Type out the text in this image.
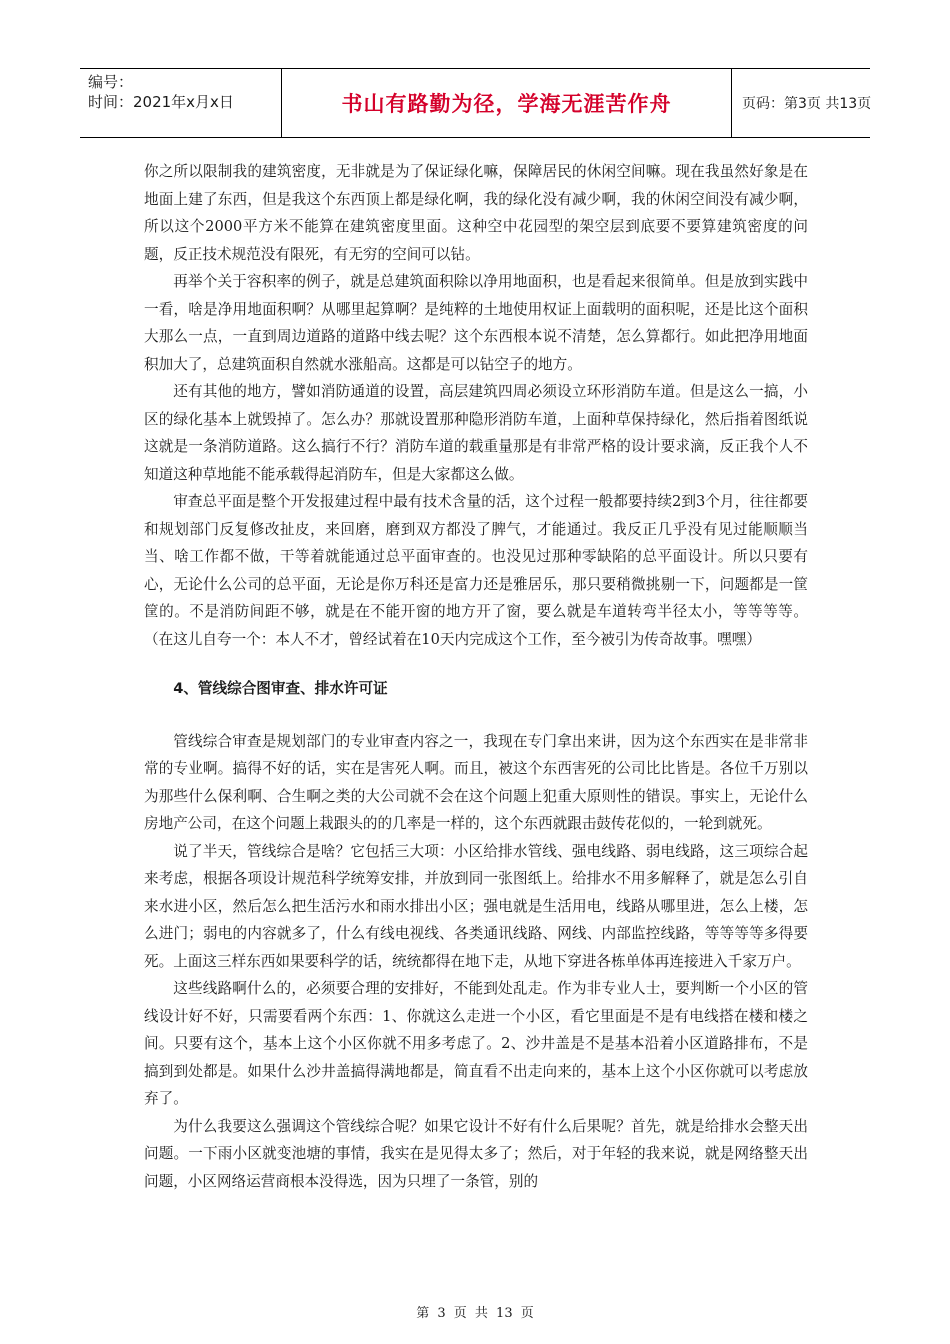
编号：
时间：2021年x月x日	书山有路勤为径，学海无涯苦作舟	页码：第3页 共13页

你之所以限制我的建筑密度，无非就是为了保证绿化嘛，保障居民的休闲空间嘛。现在我虽然好象是在地面上建了东西，但是我这个东西顶上都是绿化啊，我的绿化没有减少啊，我的休闲空间没有减少啊，所以这个2000平方米不能算在建筑密度里面。这种空中花园型的架空层到底要不要算建筑密度的问题，反正技术规范没有限死，有无穷的空间可以钻。

再举个关于容积率的例子，就是总建筑面积除以净用地面积，也是看起来很简单。但是放到实践中一看，啥是净用地面积啊？从哪里起算啊？是纯粹的土地使用权证上面载明的面积呢，还是比这个面积大那么一点，一直到周边道路的道路中线去呢？这个东西根本说不清楚，怎么算都行。如此把净用地面积加大了，总建筑面积自然就水涨船高。这都是可以钻空子的地方。

还有其他的地方，譬如消防通道的设置，高层建筑四周必须设立环形消防车道。但是这么一搞，小区的绿化基本上就毁掉了。怎么办？那就设置那种隐形消防车道，上面种草保持绿化，然后指着图纸说这就是一条消防道路。这么搞行不行？消防车道的载重量那是有非常严格的设计要求滴，反正我个人不知道这种草地能不能承载得起消防车，但是大家都这么做。

审查总平面是整个开发报建过程中最有技术含量的活，这个过程一般都要持续2到3个月，往往都要和规划部门反复修改扯皮，来回磨，磨到双方都没了脾气，才能通过。我反正几乎没有见过能顺顺当当、啥工作都不做，干等着就能通过总平面审查的。也没见过那种零缺陷的总平面设计。所以只要有心，无论什么公司的总平面，无论是你万科还是富力还是雅居乐，那只要稍微挑剔一下，问题都是一筐筐的。不是消防间距不够，就是在不能开窗的地方开了窗，要么就是车道转弯半径太小，等等等等。（在这儿自夸一个：本人不才，曾经试着在10天内完成这个工作，至今被引为传奇故事。嘿嘿）

4、管线综合图审查、排水许可证

管线综合审查是规划部门的专业审查内容之一，我现在专门拿出来讲，因为这个东西实在是非常非常的专业啊。搞得不好的话，实在是害死人啊。而且，被这个东西害死的公司比比皆是。各位千万别以为那些什么保利啊、合生啊之类的大公司就不会在这个问题上犯重大原则性的错误。事实上，无论什么房地产公司，在这个问题上栽跟头的的几率是一样的，这个东西就跟击鼓传花似的，一轮到就死。

说了半天，管线综合是啥？它包括三大项：小区给排水管线、强电线路、弱电线路，这三项综合起来考虑，根据各项设计规范科学统筹安排，并放到同一张图纸上。给排水不用多解释了，就是怎么引自来水进小区，然后怎么把生活污水和雨水排出小区；强电就是生活用电，线路从哪里进，怎么上楼，怎么进门；弱电的内容就多了，什么有线电视线、各类通讯线路、网线、内部监控线路，等等等等多得要死。上面这三样东西如果要科学的话，统统都得在地下走，从地下穿进各栋单体再连接进入千家万户。

这些线路啊什么的，必须要合理的安排好，不能到处乱走。作为非专业人士，要判断一个小区的管线设计好不好，只需要看两个东西：1、你就这么走进一个小区，看它里面是不是有电线搭在楼和楼之间。只要有这个，基本上这个小区你就不用多考虑了。2、沙井盖是不是基本沿着小区道路排布，不是搞到到处都是。如果什么沙井盖搞得满地都是，简直看不出走向来的，基本上这个小区你就可以考虑放弃了。

为什么我要这么强调这个管线综合呢？如果它设计不好有什么后果呢？首先，就是给排水会整天出问题。一下雨小区就变池塘的事情，我实在是见得太多了；然后，对于年轻的我来说，就是网络整天出问题，小区网络运营商根本没得选，因为只埋了一条管，别的

第 3 页 共 13 页
